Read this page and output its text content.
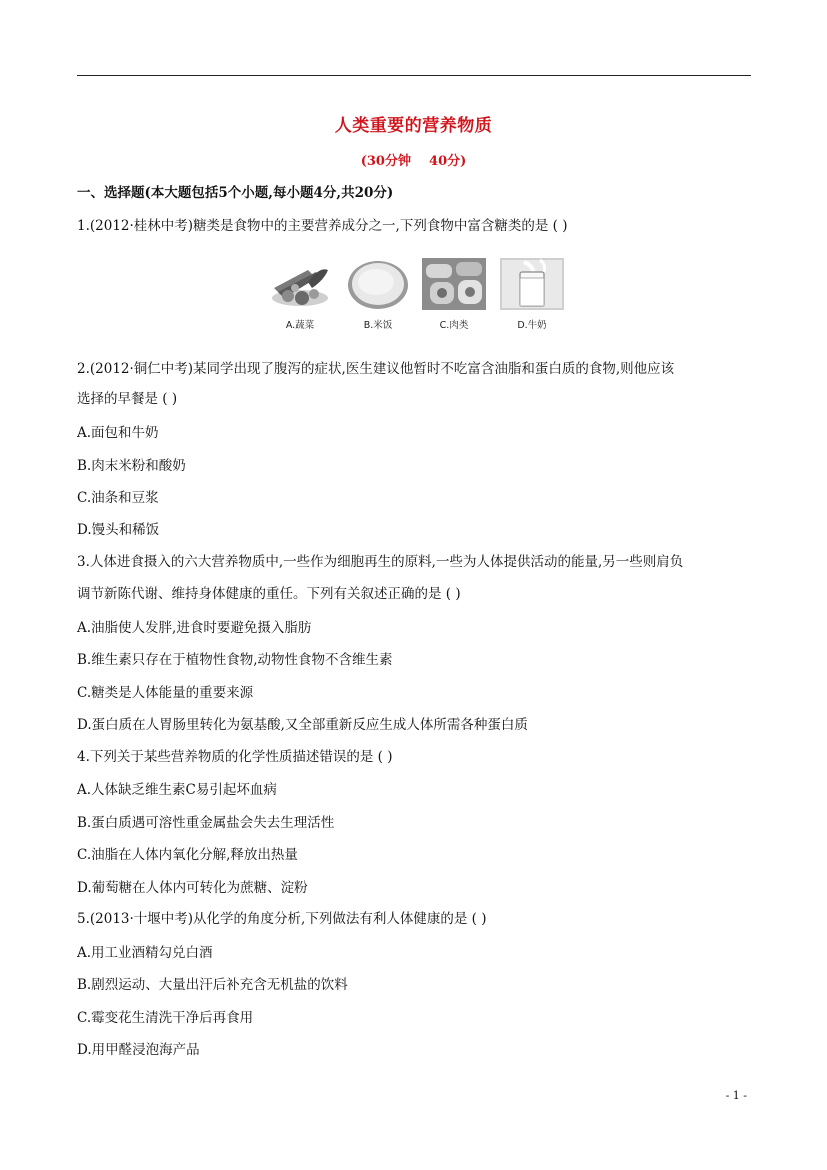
人类重要的营养物质
(30分钟    40分)
一、选择题(本大题包括5个小题,每小题4分,共20分)
1.(2012·桂林中考)糖类是食物中的主要营养成分之一,下列食物中富含糖类的是 ( )
A.蔬菜	B.米饭	C.肉类	D.牛奶
2.(2012·铜仁中考)某同学出现了腹泻的症状,医生建议他暂时不吃富含油脂和蛋白质的食物,则他应该
选择的早餐是 ( )
A.面包和牛奶
B.肉末米粉和酸奶
C.油条和豆浆
D.馒头和稀饭
3.人体进食摄入的六大营养物质中,一些作为细胞再生的原料,一些为人体提供活动的能量,另一些则肩负
调节新陈代谢、维持身体健康的重任。下列有关叙述正确的是 ( )
A.油脂使人发胖,进食时要避免摄入脂肪
B.维生素只存在于植物性食物,动物性食物不含维生素
C.糖类是人体能量的重要来源
D.蛋白质在人胃肠里转化为氨基酸,又全部重新反应生成人体所需各种蛋白质
4.下列关于某些营养物质的化学性质描述错误的是 ( )
A.人体缺乏维生素C易引起坏血病
B.蛋白质遇可溶性重金属盐会失去生理活性
C.油脂在人体内氧化分解,释放出热量
D.葡萄糖在人体内可转化为蔗糖、淀粉
5.(2013·十堰中考)从化学的角度分析,下列做法有利人体健康的是 ( )
A.用工业酒精勾兑白酒
B.剧烈运动、大量出汗后补充含无机盐的饮料
C.霉变花生清洗干净后再食用
D.用甲醛浸泡海产品
- 1 -
